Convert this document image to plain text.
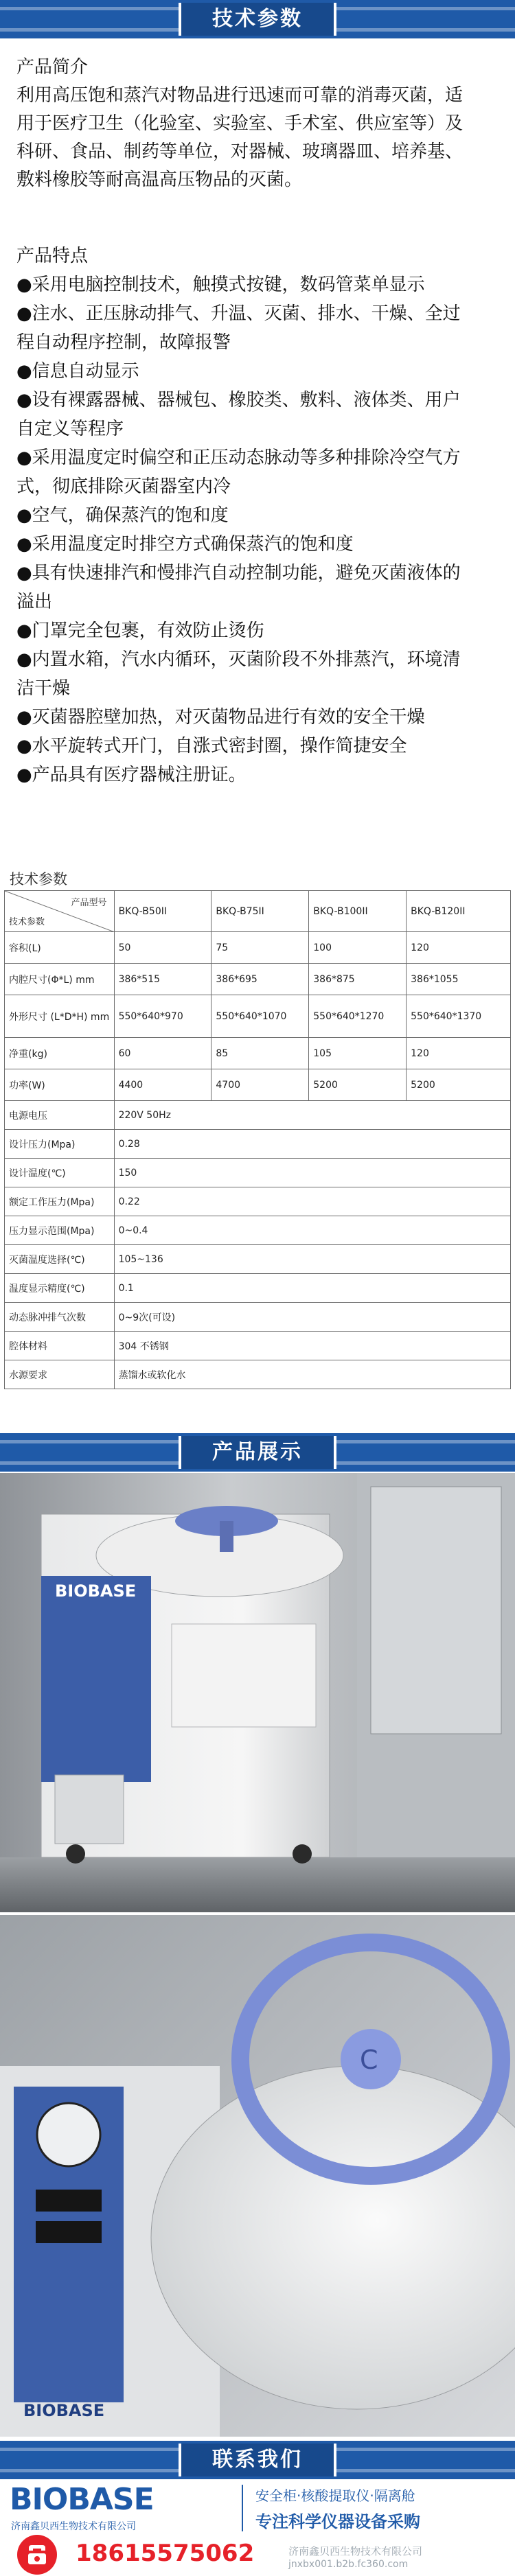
技术参数
产品简介
利用高压饱和蒸汽对物品进行迅速而可靠的消毒灭菌，适
用于医疗卫生（化验室、实验室、手术室、供应室等）及
科研、食品、制药等单位，对器械、玻璃器皿、培养基、
敷料橡胶等耐高温高压物品的灭菌。
产品特点
●采用电脑控制技术，触摸式按键，数码管菜单显示
●注水、正压脉动排气、升温、灭菌、排水、干燥、全过
程自动程序控制，故障报警
●信息自动显示
●设有裸露器械、器械包、橡胶类、敷料、液体类、用户
自定义等程序
●采用温度定时偏空和正压动态脉动等多种排除冷空气方
式，彻底排除灭菌器室内冷
●空气，确保蒸汽的饱和度
●采用温度定时排空方式确保蒸汽的饱和度
●具有快速排汽和慢排汽自动控制功能，避免灭菌液体的
溢出
●门罩完全包裹，有效防止烫伤
●内置水箱，汽水内循环，灭菌阶段不外排蒸汽，环境清
洁干燥
●灭菌器腔壁加热，对灭菌物品进行有效的安全干燥
●水平旋转式开门，自涨式密封圈，操作简捷安全
●产品具有医疗器械注册证。
技术参数
产品型号
技术参数	BKQ-B50II	BKQ-B75II	BKQ-B100II	BKQ-B120II
容积(L)	50	75	100	120
内腔尺寸(Φ*L) mm	386*515	386*695	386*875	386*1055
外形尺寸 (L*D*H) mm	550*640*970	550*640*1070	550*640*1270	550*640*1370
净重(kg)	60	85	105	120
功率(W)	4400	4700	5200	5200
电源电压	220V 50Hz			
设计压力(Mpa)	0.28			
设计温度(℃)	150			
额定工作压力(Mpa)	0.22			
压力显示范围(Mpa)	0~0.4			
灭菌温度选择(℃)	105~136			
温度显示精度(℃)	0.1			
动态脉冲排气次数	0~9次(可设)			
腔体材料	304 不锈钢			
水源要求	蒸馏水或软化水			
产品展示
BIOBASE
BIOBASE
C
联系我们
BIOBASE
济南鑫贝西生物技术有限公司
安全柜·核酸提取仪·隔离舱
专注科学仪器设备采购
18615575062	济南鑫贝西生物技术有限公司
jnxbx001.b2b.fc360.com
